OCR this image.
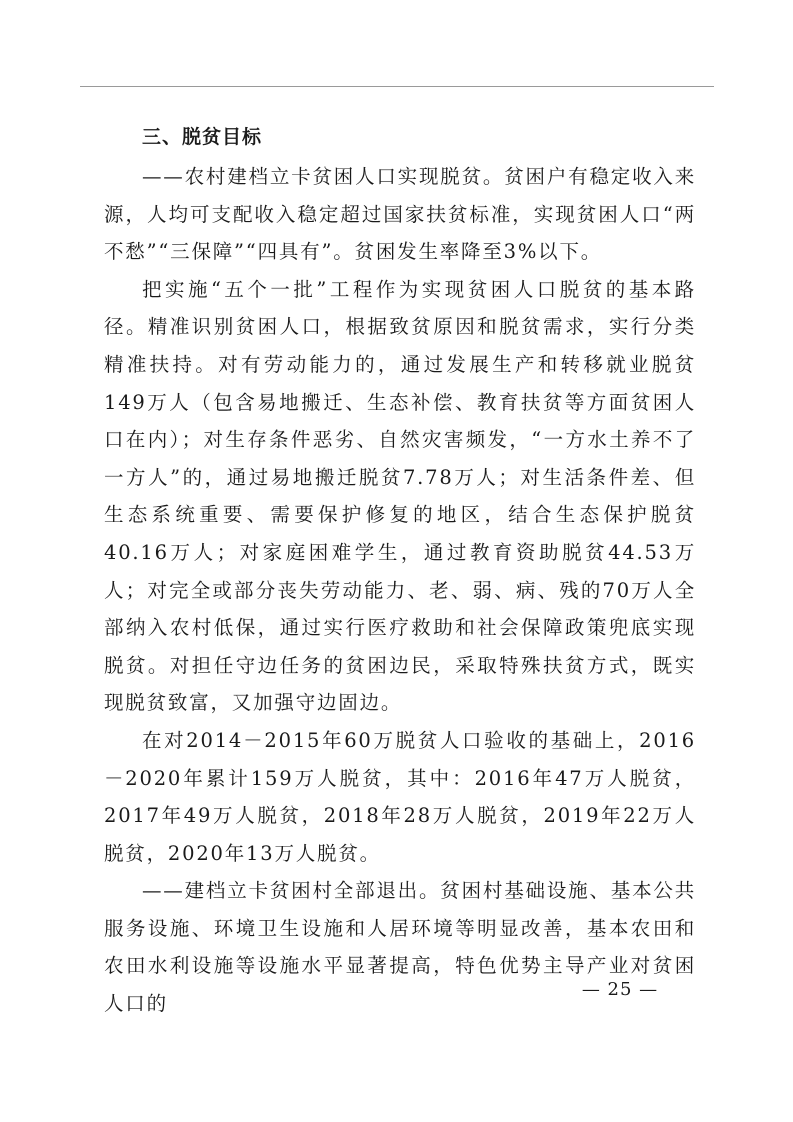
三、脱贫目标

——农村建档立卡贫困人口实现脱贫。贫困户有稳定收入来源，人均可支配收入稳定超过国家扶贫标准，实现贫困人口“两不愁”“三保障”“四具有”。贫困发生率降至3%以下。

把实施“五个一批”工程作为实现贫困人口脱贫的基本路径。精准识别贫困人口，根据致贫原因和脱贫需求，实行分类精准扶持。对有劳动能力的，通过发展生产和转移就业脱贫149万人（包含易地搬迁、生态补偿、教育扶贫等方面贫困人口在内）；对生存条件恶劣、自然灾害频发，“一方水土养不了一方人”的，通过易地搬迁脱贫7.78万人；对生活条件差、但生态系统重要、需要保护修复的地区，结合生态保护脱贫40.16万人；对家庭困难学生，通过教育资助脱贫44.53万人；对完全或部分丧失劳动能力、老、弱、病、残的70万人全部纳入农村低保，通过实行医疗救助和社会保障政策兜底实现脱贫。对担任守边任务的贫困边民，采取特殊扶贫方式，既实现脱贫致富，又加强守边固边。

在对2014－2015年60万脱贫人口验收的基础上，2016－2020年累计159万人脱贫，其中：2016年47万人脱贫，2017年49万人脱贫，2018年28万人脱贫，2019年22万人脱贫，2020年13万人脱贫。

——建档立卡贫困村全部退出。贫困村基础设施、基本公共服务设施、环境卫生设施和人居环境等明显改善，基本农田和农田水利设施等设施水平显著提高，特色优势主导产业对贫困人口的

— 25 —
